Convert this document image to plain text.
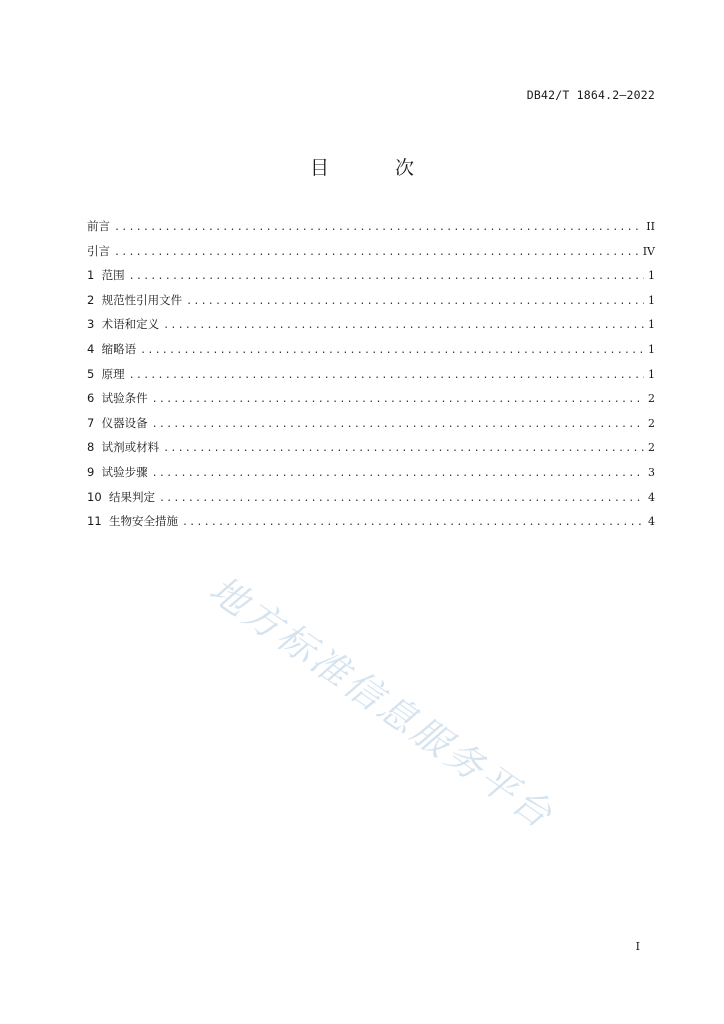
DB42/T 1864.2—2022
目 次
前言 .....	II
引言 .....	IV
1  范围 .....	1
2  规范性引用文件 .....	1
3  术语和定义 .....	1
4  缩略语 .....	1
5  原理 .....	1
6  试验条件 .....	2
7  仪器设备 .....	2
8  试剂或材料 .....	2
9  试验步骤 .....	3
10  结果判定 .....	4
11  生物安全措施 .....	4
地方标准信息服务平台
I
